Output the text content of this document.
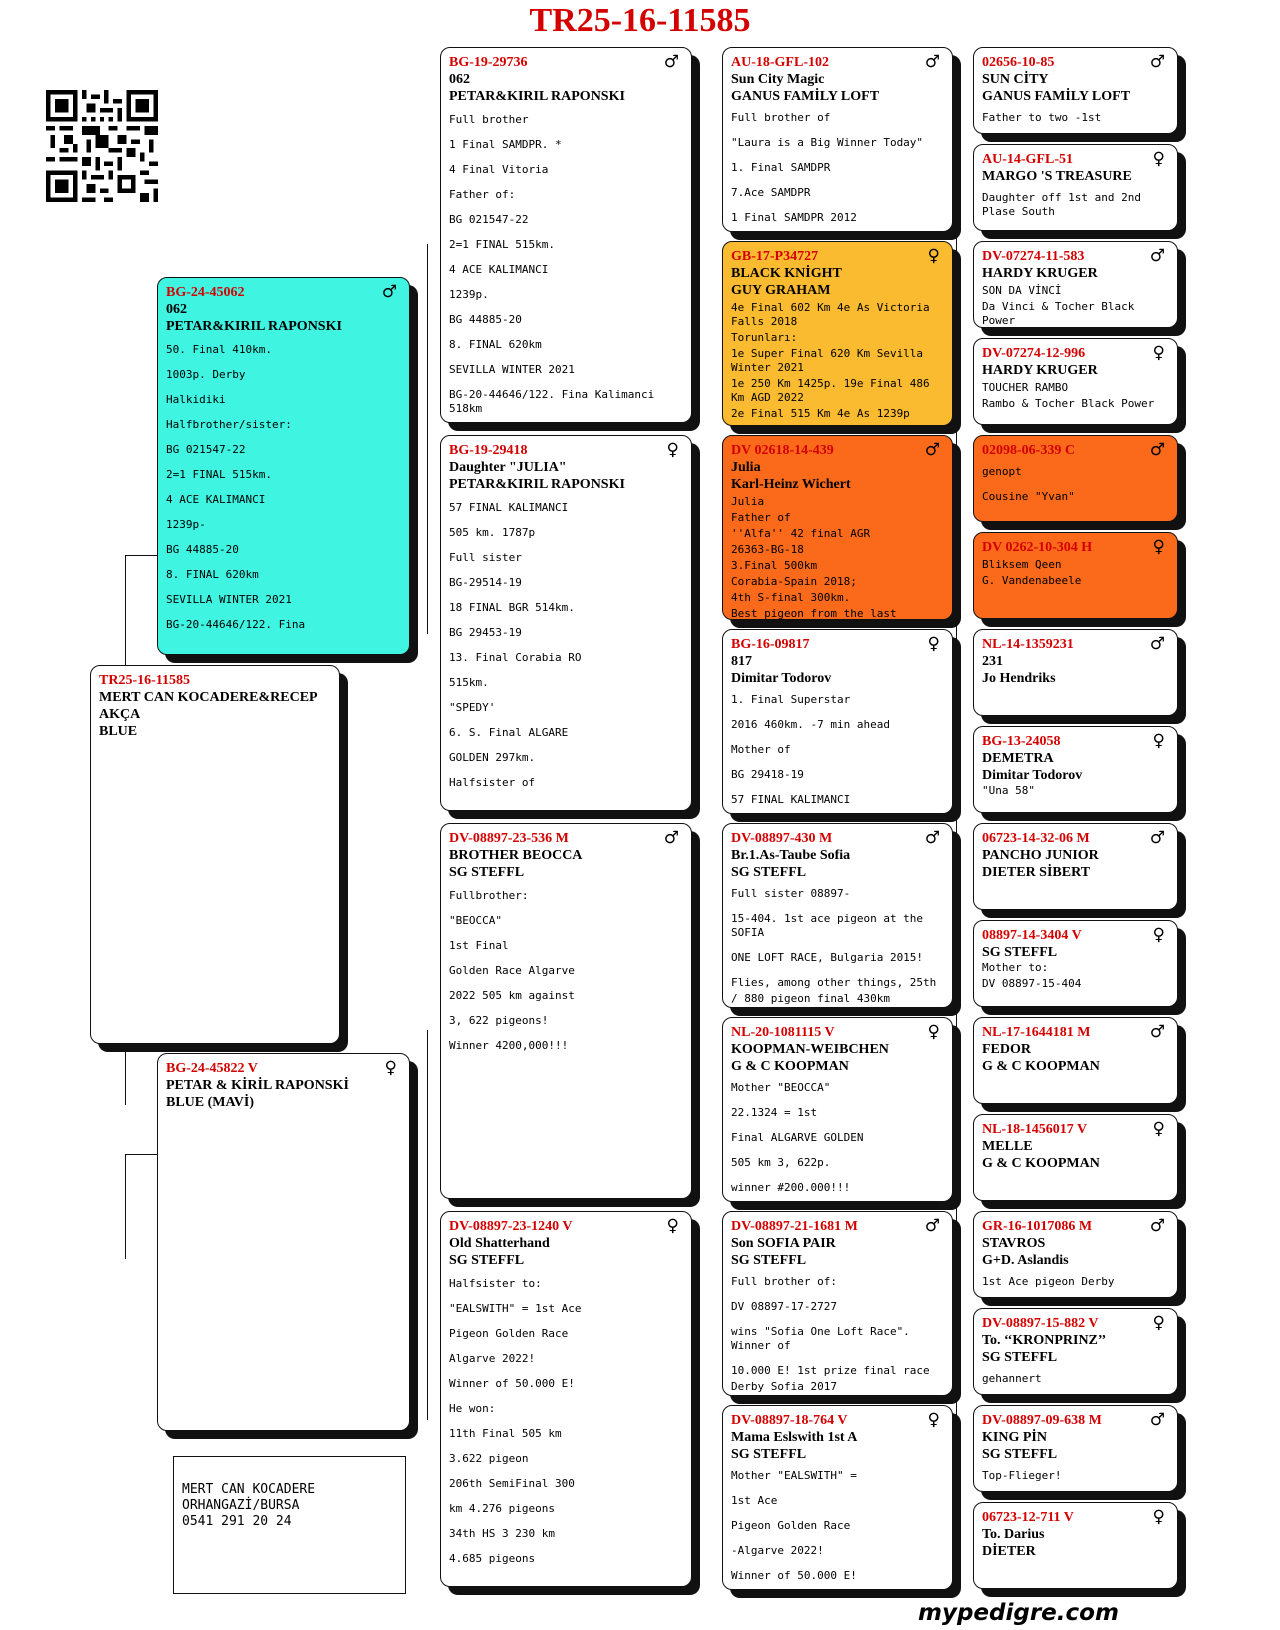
TR25-16-11585
TR25-16-11585
MERT CAN KOCADERE&RECEP AKÇA
BLUE
♂
BG-24-45062
062
PETAR&KIRIL RAPONSKI
50. Final 410km.
1003p. Derby
Halkidiki
Halfbrother/sister:
BG 021547-22
2=1 FINAL 515km.
4 ACE KALIMANCI
1239p-
BG 44885-20
8. FINAL 620km
SEVILLA WINTER 2021
BG-20-44646/122. Fina
♀
BG-24-45822 V
PETAR & KİRİL RAPONSKİ
BLUE (MAVİ)
♂
BG-19-29736
062
PETAR&KIRIL RAPONSKI
Full brother
1 Final SAMDPR. *
4 Final Vitoria
Father of:
BG 021547-22
2=1 FINAL 515km.
4 ACE KALIMANCI
1239p.
BG 44885-20
8. FINAL 620km
SEVILLA WINTER 2021
BG-20-44646/122. Fina Kalimanci
518km
♀
BG-19-29418
Daughter "JULIA"
PETAR&KIRIL RAPONSKI
57 FINAL KALIMANCI
505 km. 1787p
Full sister
BG-29514-19
18 FINAL BGR 514km.
BG 29453-19
13. Final Corabia RO
515km.
"SPEDY'
6. S. Final ALGARE
GOLDEN 297km.
Halfsister of
♂
DV-08897-23-536 M
BROTHER BEOCCA
SG STEFFL
Fullbrother:
"BEOCCA"
1st Final
Golden Race Algarve
2022 505 km against
3, 622 pigeons!
Winner 4200,000!!!
♀
DV-08897-23-1240 V
Old Shatterhand
SG STEFFL
Halfsister to:
"EALSWITH" = 1st Ace
Pigeon Golden Race
Algarve 2022!
Winner of 50.000 E!
He won:
11th Final 505 km
3.622 pigeon
206th SemiFinal 300
km 4.276 pigeons
34th HS 3 230 km
4.685 pigeons
♂
AU-18-GFL-102
Sun City Magic
GANUS FAMİLY LOFT
Full brother of
"Laura is a Big Winner Today"
1. Final SAMDPR
7.Ace SAMDPR
1 Final SAMDPR 2012
♀
GB-17-P34727
BLACK KNİGHT
GUY GRAHAM
4e Final 602 Km 4e As Victoria Falls 2018
Torunları:
1e Super Final 620 Km Sevilla Winter 2021
1e 250 Km 1425p. 19e Final 486 Km AGD 2022
2e Final 515 Km 4e As 1239p
♂
DV 02618-14-439
Julia
Karl-Heinz Wichert
Julia
Father of
''Alfa'' 42 final AGR
26363-BG-18
3.Final 500km
Corabia-Spain 2018;
4th S-final 300km.
Best pigeon from the last
♀
BG-16-09817
817
Dimitar Todorov
1. Final Superstar
2016 460km. -7 min ahead
Mother of
BG 29418-19
57 FINAL KALIMANCI
♂
DV-08897-430 M
Br.1.As-Taube Sofia
SG STEFFL
Full sister 08897-
15-404. 1st ace pigeon at the SOFIA
ONE LOFT RACE, Bulgaria 2015!
Flies, among other things, 25th
/ 880 pigeon final 430km
♀
NL-20-1081115 V
KOOPMAN-WEIBCHEN
G & C KOOPMAN
Mother "BEOCCA"
22.1324 = 1st
Final ALGARVE GOLDEN
505 km 3, 622p.
winner #200.000!!!
♂
DV-08897-21-1681 M
Son SOFIA PAIR
SG STEFFL
Full brother of:
DV 08897-17-2727
wins "Sofia One Loft Race". Winner of
10.000 E! 1st prize final race
Derby Sofia 2017
♀
DV-08897-18-764 V
Mama Eslswith 1st A
SG STEFFL
Mother "EALSWITH" =
1st Ace
Pigeon Golden Race
-Algarve 2022!
Winner of 50.000 E!
♂
02656-10-85
SUN CİTY
GANUS FAMİLY LOFT
Father to two -1st
♀
AU-14-GFL-51
MARGO 'S TREASURE
Daughter off 1st and 2nd Plase South
♂
DV-07274-11-583
HARDY KRUGER
SON DA VİNCİ
Da Vinci & Tocher Black Power
♀
DV-07274-12-996
HARDY KRUGER
TOUCHER RAMBO
Rambo & Tocher Black Power
♂
02098-06-339 C
genopt
Cousine "Yvan"
♀
DV 0262-10-304 H
Bliksem Qeen
G. Vandenabeele
♂
NL-14-1359231
231
Jo Hendriks
♀
BG-13-24058
DEMETRA
Dimitar Todorov
"Una 58"
♂
06723-14-32-06 M
PANCHO JUNIOR
DIETER SİBERT
♀
08897-14-3404 V
SG STEFFL
Mother to:
DV 08897-15-404
♂
NL-17-1644181 M
FEDOR
G & C KOOPMAN
♀
NL-18-1456017 V
MELLE
G & C KOOPMAN
♂
GR-16-1017086 M
STAVROS
G+D. Aslandis
1st Ace pigeon Derby
♀
DV-08897-15-882 V
To. ‘‘KRONPRINZ’’
SG STEFFL
gehannert
♂
DV-08897-09-638 M
KING PİN
SG STEFFL
Top-Flieger!
♀
06723-12-711 V
To. Darius
DİETER
MERT CAN KOCADERE
ORHANGAZİ/BURSA
0541 291 20 24
mypedigre.com
